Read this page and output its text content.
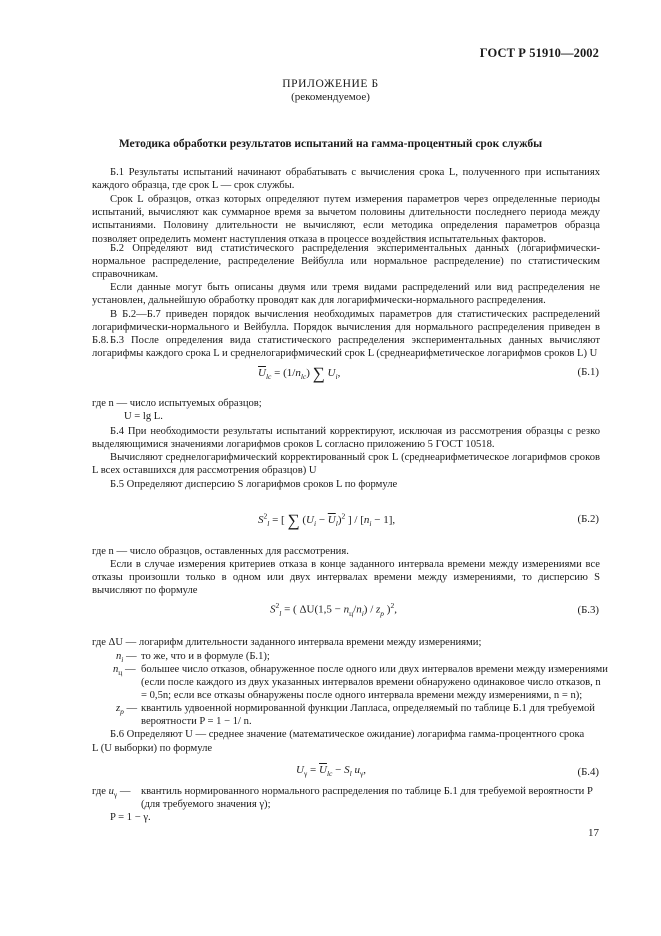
ГОСТ Р 51910—2002
ПРИЛОЖЕНИЕ Б
(рекомендуемое)
Методика обработки результатов испытаний на гамма-процентный срок службы
Б.1 Результаты испытаний начинают обрабатывать с вычисления срока L, полученного при испытаниях каждого образца, где срок L — срок службы.
Срок L образцов, отказ которых определяют путем измерения параметров через определенные периоды испытаний, вычисляют как суммарное время за вычетом половины длительности последнего периода между испытаниями. Половину длительности не вычисляют, если методика определения параметров образца позволяет определить момент наступления отказа в процессе воздействия испытательных факторов.
Б.2 Определяют вид статистического распределения экспериментальных данных (логарифмически-нормальное распределение, распределение Вейбулла или нормальное распределение) по статистическим справочникам.
Если данные могут быть описаны двумя или тремя видами распределений или вид распределения не установлен, дальнейшую обработку проводят как для логарифмически-нормального распределения.
В Б.2—Б.7 приведен порядок вычисления необходимых параметров для статистических распределений логарифмически-нормального и Вейбулла. Порядок вычисления для нормального распределения приведен в Б.8. Б.3 После определения вида статистического распределения экспериментальных данных вычисляют логарифмы каждого срока L и среднелогарифмический срок L (среднеарифметическое логарифмов сроков L) U
$\overline{U}_{lc} = (1/n_{lc})$ ∑ $U_i$,	(Б.1)
где n — число испытуемых образцов;
U = lg L.
Б.4 При необходимости результаты испытаний корректируют, исключая из рассмотрения образцы с резко выделяющимися значениями логарифмов сроков L согласно приложению 5 ГОСТ 10518.
Вычисляют среднелогарифмический корректированный срок L (среднеарифметическое логарифмов сроков L всех оставшихся для рассмотрения образцов) U
Б.5 Определяют дисперсию S логарифмов сроков L по формуле
$S^2_l$ = [ ∑ $(U_i - \overline{U}_l)^2$ ] / $[n_i - 1]$,	(Б.2)
где n — число образцов, оставленных для рассмотрения.
Если в случае измерения критериев отказа в конце заданного интервала времени между измерениями все отказы произошли только в одном или двух интервалах времени между измерениями, то дисперсию S вычисляют по формуле
$S^2_l$ = ( $\Delta U(1,5 - n_ц/n_i) / z_p$ )$^2$,	(Б.3)
где ΔU — логарифм длительности заданного интервала времени между измерениями;
$n_i$ — то же, что и в формуле (Б.1);
$n_ц$ — большее число отказов, обнаруженное после одного или двух интервалов времени между измерениями
(если после каждого из двух указанных интервалов времени обнаружено одинаковое число отказов, n
= 0,5n; если все отказы обнаружены после одного интервала времени между измерениями, n = n);
$z_p$ — квантиль удвоенной нормированной функции Лапласа, определяемый по таблице Б.1 для требуемой
вероятности P = 1 − 1/ n.
Б.6 Определяют U — среднее значение (математическое ожидание) логарифма гамма-процентного срока
L (U выборки) по формуле
$U_\gamma = \overline{U}_{lc} - S_l$ $u_\gamma$,	(Б.4)
где $u_\gamma$ — квантиль нормированного нормального распределения по таблице Б.1 для требуемой вероятности P
(для требуемого значения γ);
P = 1 − γ.
17
